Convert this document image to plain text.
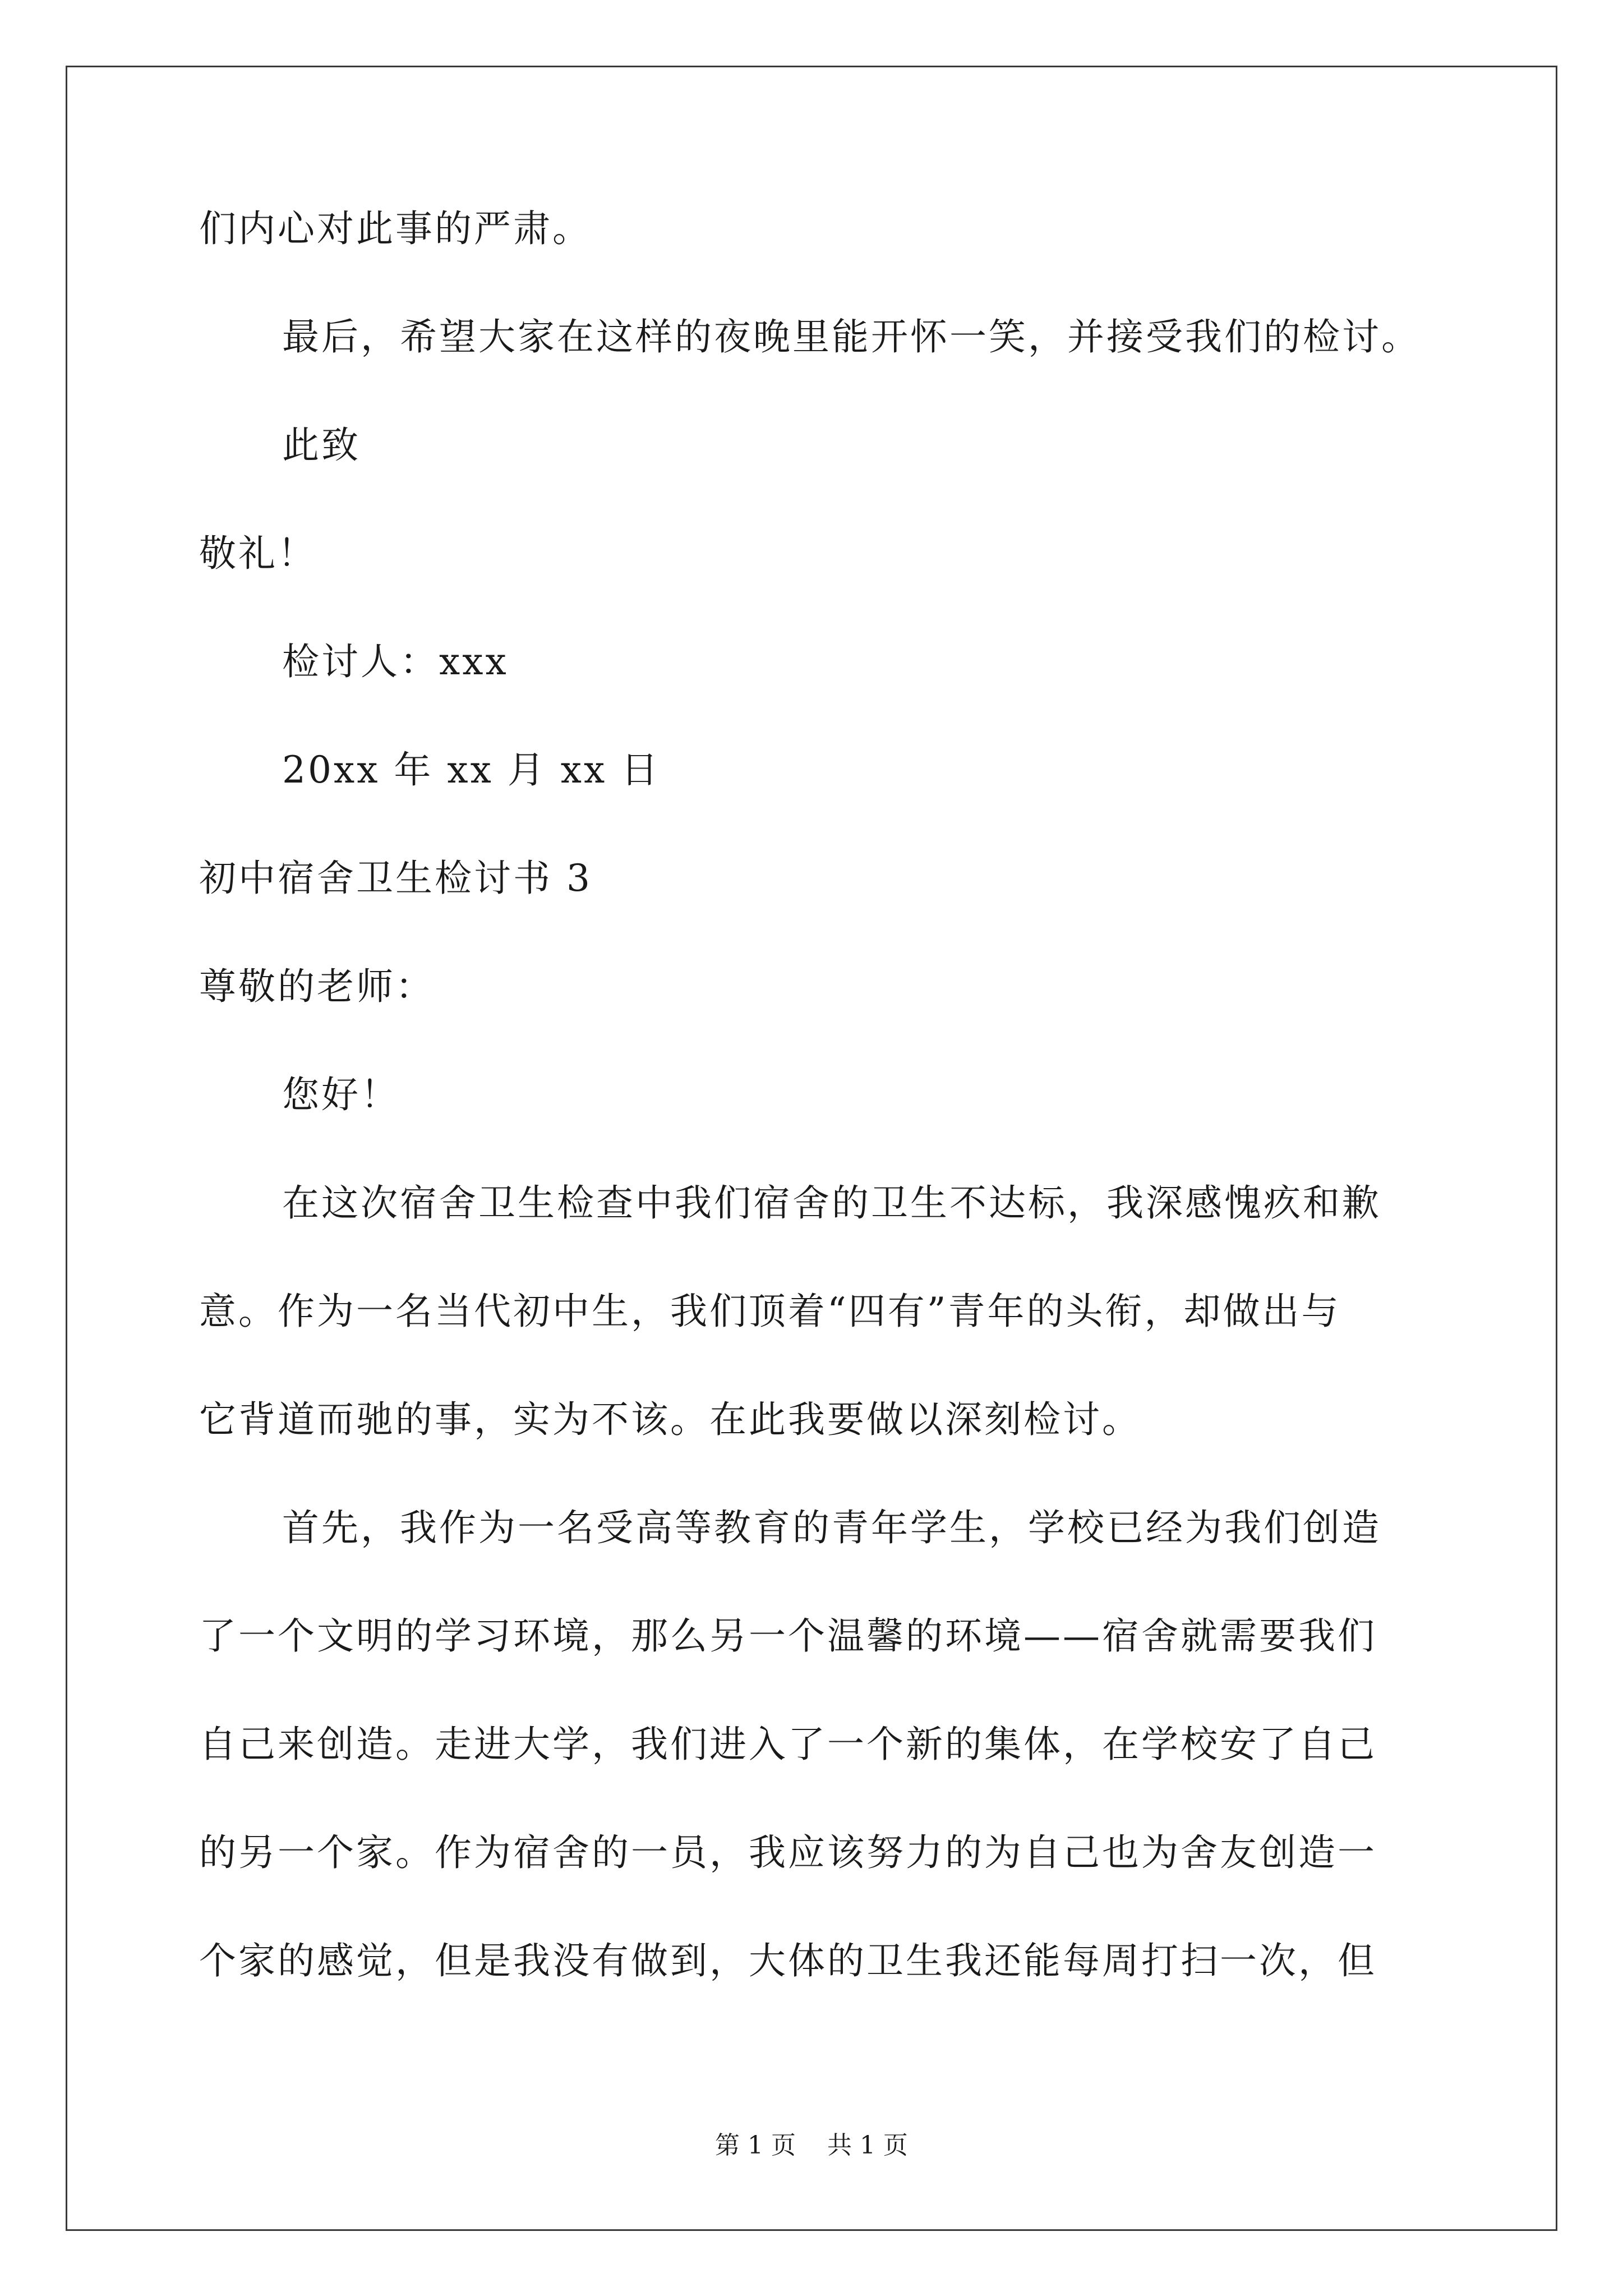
们内心对此事的严肃。
最后，希望大家在这样的夜晚里能开怀一笑，并接受我们的检讨。
此致
敬礼！
检讨人：xxx
20xx 年 xx 月 xx 日
初中宿舍卫生检讨书 3
尊敬的老师：
您好！
在这次宿舍卫生检查中我们宿舍的卫生不达标，我深感愧疚和歉
意。作为一名当代初中生，我们顶着“四有”青年的头衔，却做出与
它背道而驰的事，实为不该。在此我要做以深刻检讨。
首先，我作为一名受高等教育的青年学生，学校已经为我们创造
了一个文明的学习环境，那么另一个温馨的环境——宿舍就需要我们
自己来创造。走进大学，我们进入了一个新的集体，在学校安了自己
的另一个家。作为宿舍的一员，我应该努力的为自己也为舍友创造一
个家的感觉，但是我没有做到，大体的卫生我还能每周打扫一次，但
第 1 页    共 1 页
